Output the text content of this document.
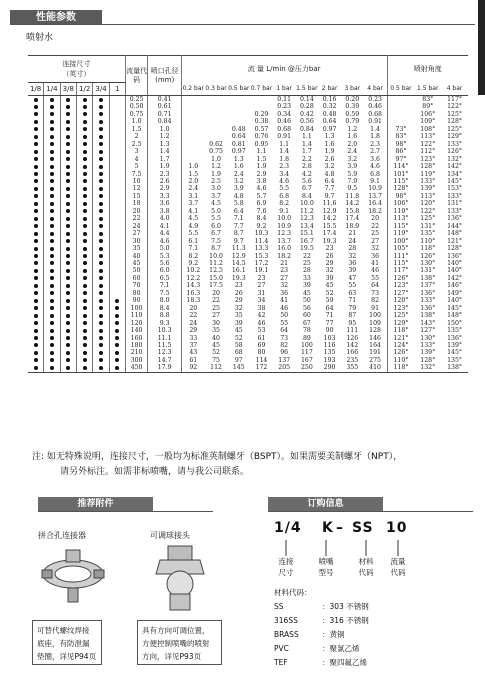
性能参数
喷射水
连接尺寸
（英寸）						流量代码	喷口孔径(mm)	流 量 L/min @压力bar									喷射角度		
1/8	1/4	3/8	1/2	3/4	1			0.2 bar	0.3 bar	0.5 bar	0.7 bar	1 bar	1.5 bar	2 bar	3 bar	4 bar	0.5 bar	1.5 bar	4 bar
						0.25	0.41					0.11	0.14	0.16	0.20	0.23		83°	117°
						0.50	0.61					0.23	0.28	0.32	0.39	0.46		89°	122°
						0.75	0.71				0.29	0.34	0.42	0.48	0.59	0.68		106°	125°
						1.0	0.84				0.38	0.46	0.56	0.64	0.79	0.91		109°	128°
						1.5	1.0			0.48	0.57	0.68	0.84	0.97	1.2	1.4	73°	108°	125°
						2	1.2			0.64	0.76	0.91	1.1	1.3	1.6	1.8	83°	113°	129°
						2.5	1.3		0.62	0.81	0.95	1.1	1.4	1.6	2.0	2.3	98°	122°	133°
						3	1.4		0.75	0.97	1.1	1.4	1.7	1.9	2.4	2.7	86°	112°	126°
						4	1.7		1.0	1.3	1.5	1.8	2.2	2.6	3.2	3.6	97°	123°	132°
						5	1.9	1.0	1.2	1.6	1.9	2.3	2.8	3.2	3.9	4.6	114°	128°	142°
						7.5	2.3	1.5	1.9	2.4	2.9	3.4	4.2	4.8	5.9	6.8	101°	119°	134°
						10	2.6	2.0	2.5	3.2	3.8	4.6	5.6	6.4	7.9	9.1	115°	133°	145°
						12	2.9	2.4	3.0	3.9	4.6	5.5	6.7	7.7	9.5	10.9	128°	139°	153°
						15	3.3	3.1	3.7	4.8	5.7	6.8	8.4	9.7	11.8	13.7	98°	113°	133°
						18	3.6	3.7	4.5	5.8	6.9	8.2	10.0	11.6	14.2	16.4	106°	120°	131°
						20	3.8	4.1	5.0	6.4	7.6	9.1	11.2	12.9	15.8	18.2	110°	122°	133°
						22	4.0	4.5	5.5	7.1	8.4	10.0	12.3	14.2	17.4	20	113°	125°	136°
						24	4.1	4.9	6.0	7.7	9.2	10.9	13.4	15.5	18.9	22	115°	131°	144°
						27	4.4	5.5	6.7	8.7	10.3	12.3	15.1	17.4	21	25	119°	135°	148°
						30	4.6	6.1	7.5	9.7	11.4	13.7	16.7	19.3	24	27	100°	110°	121°
						35	5.0	7.1	8.7	11.3	13.3	16.0	19.5	23	28	32	105°	118°	128°
						40	5.3	8.2	10.0	12.9	15.3	18.2	22	26	32	36	111°	126°	136°
						45	5.6	9.2	11.2	14.5	17.2	21	25	29	36	41	115°	130°	140°
						50	6.0	10.2	12.5	16.1	19.1	23	28	32	39	46	117°	131°	140°
						60	6.5	12.2	15.0	19.3	23	27	33	39	47	55	126°	138°	142°
						70	7.1	14.3	17.5	23	27	32	39	45	55	64	123°	137°	146°
						80	7.5	16.3	20	26	31	36	45	52	63	73	127°	136°	149°
						90	8.0	18.3	22	29	34	41	50	59	71	82	120°	133°	140°
						100	8.4	20	25	32	38	46	56	64	79	91	123°	136°	145°
						110	8.8	22	27	35	42	50	60	71	87	100	125°	138°	148°
						120	9.3	24	30	39	46	55	67	77	95	109	129°	143°	150°
						140	10.3	29	35	45	53	64	78	90	111	128	118°	127°	135°
						160	11.1	33	40	52	61	73	89	103	126	146	121°	130°	136°
						180	11.5	37	45	58	69	82	100	116	142	164	124°	133°	139°
						210	12.3	43	52	68	80	96	117	135	166	191	126°	139°	145°
						300	14.7	61	75	97	114	137	167	193	235	275	110°	128°	135°
						450	17.9	92	112	145	172	205	250	290	355	410	118°	132°	138°
注: 如无特殊说明，连接尺寸，一般均为标准英制螺牙（BSPT）。如果需要美制螺牙（NPT），
请另外标注。如需非标喷嘴，请与我公司联系。
推荐附件
拼合孔连接器
可替代螺纹焊接
底座，有防泄漏
垫圈，详见P94页
可调球接头
具有方向可调位置，
方便控制喷嘴的喷射
方向，详见P93页
订购信息
1/4
K – SS 10
连接
尺寸
喷嘴
型号
材料
代码
流量
代码
材料代码：
SS	：303 不锈钢
316SS	：316 不锈钢
BRASS	：黄铜
PVC	：聚氯乙烯
TEF	：聚四氟乙烯
